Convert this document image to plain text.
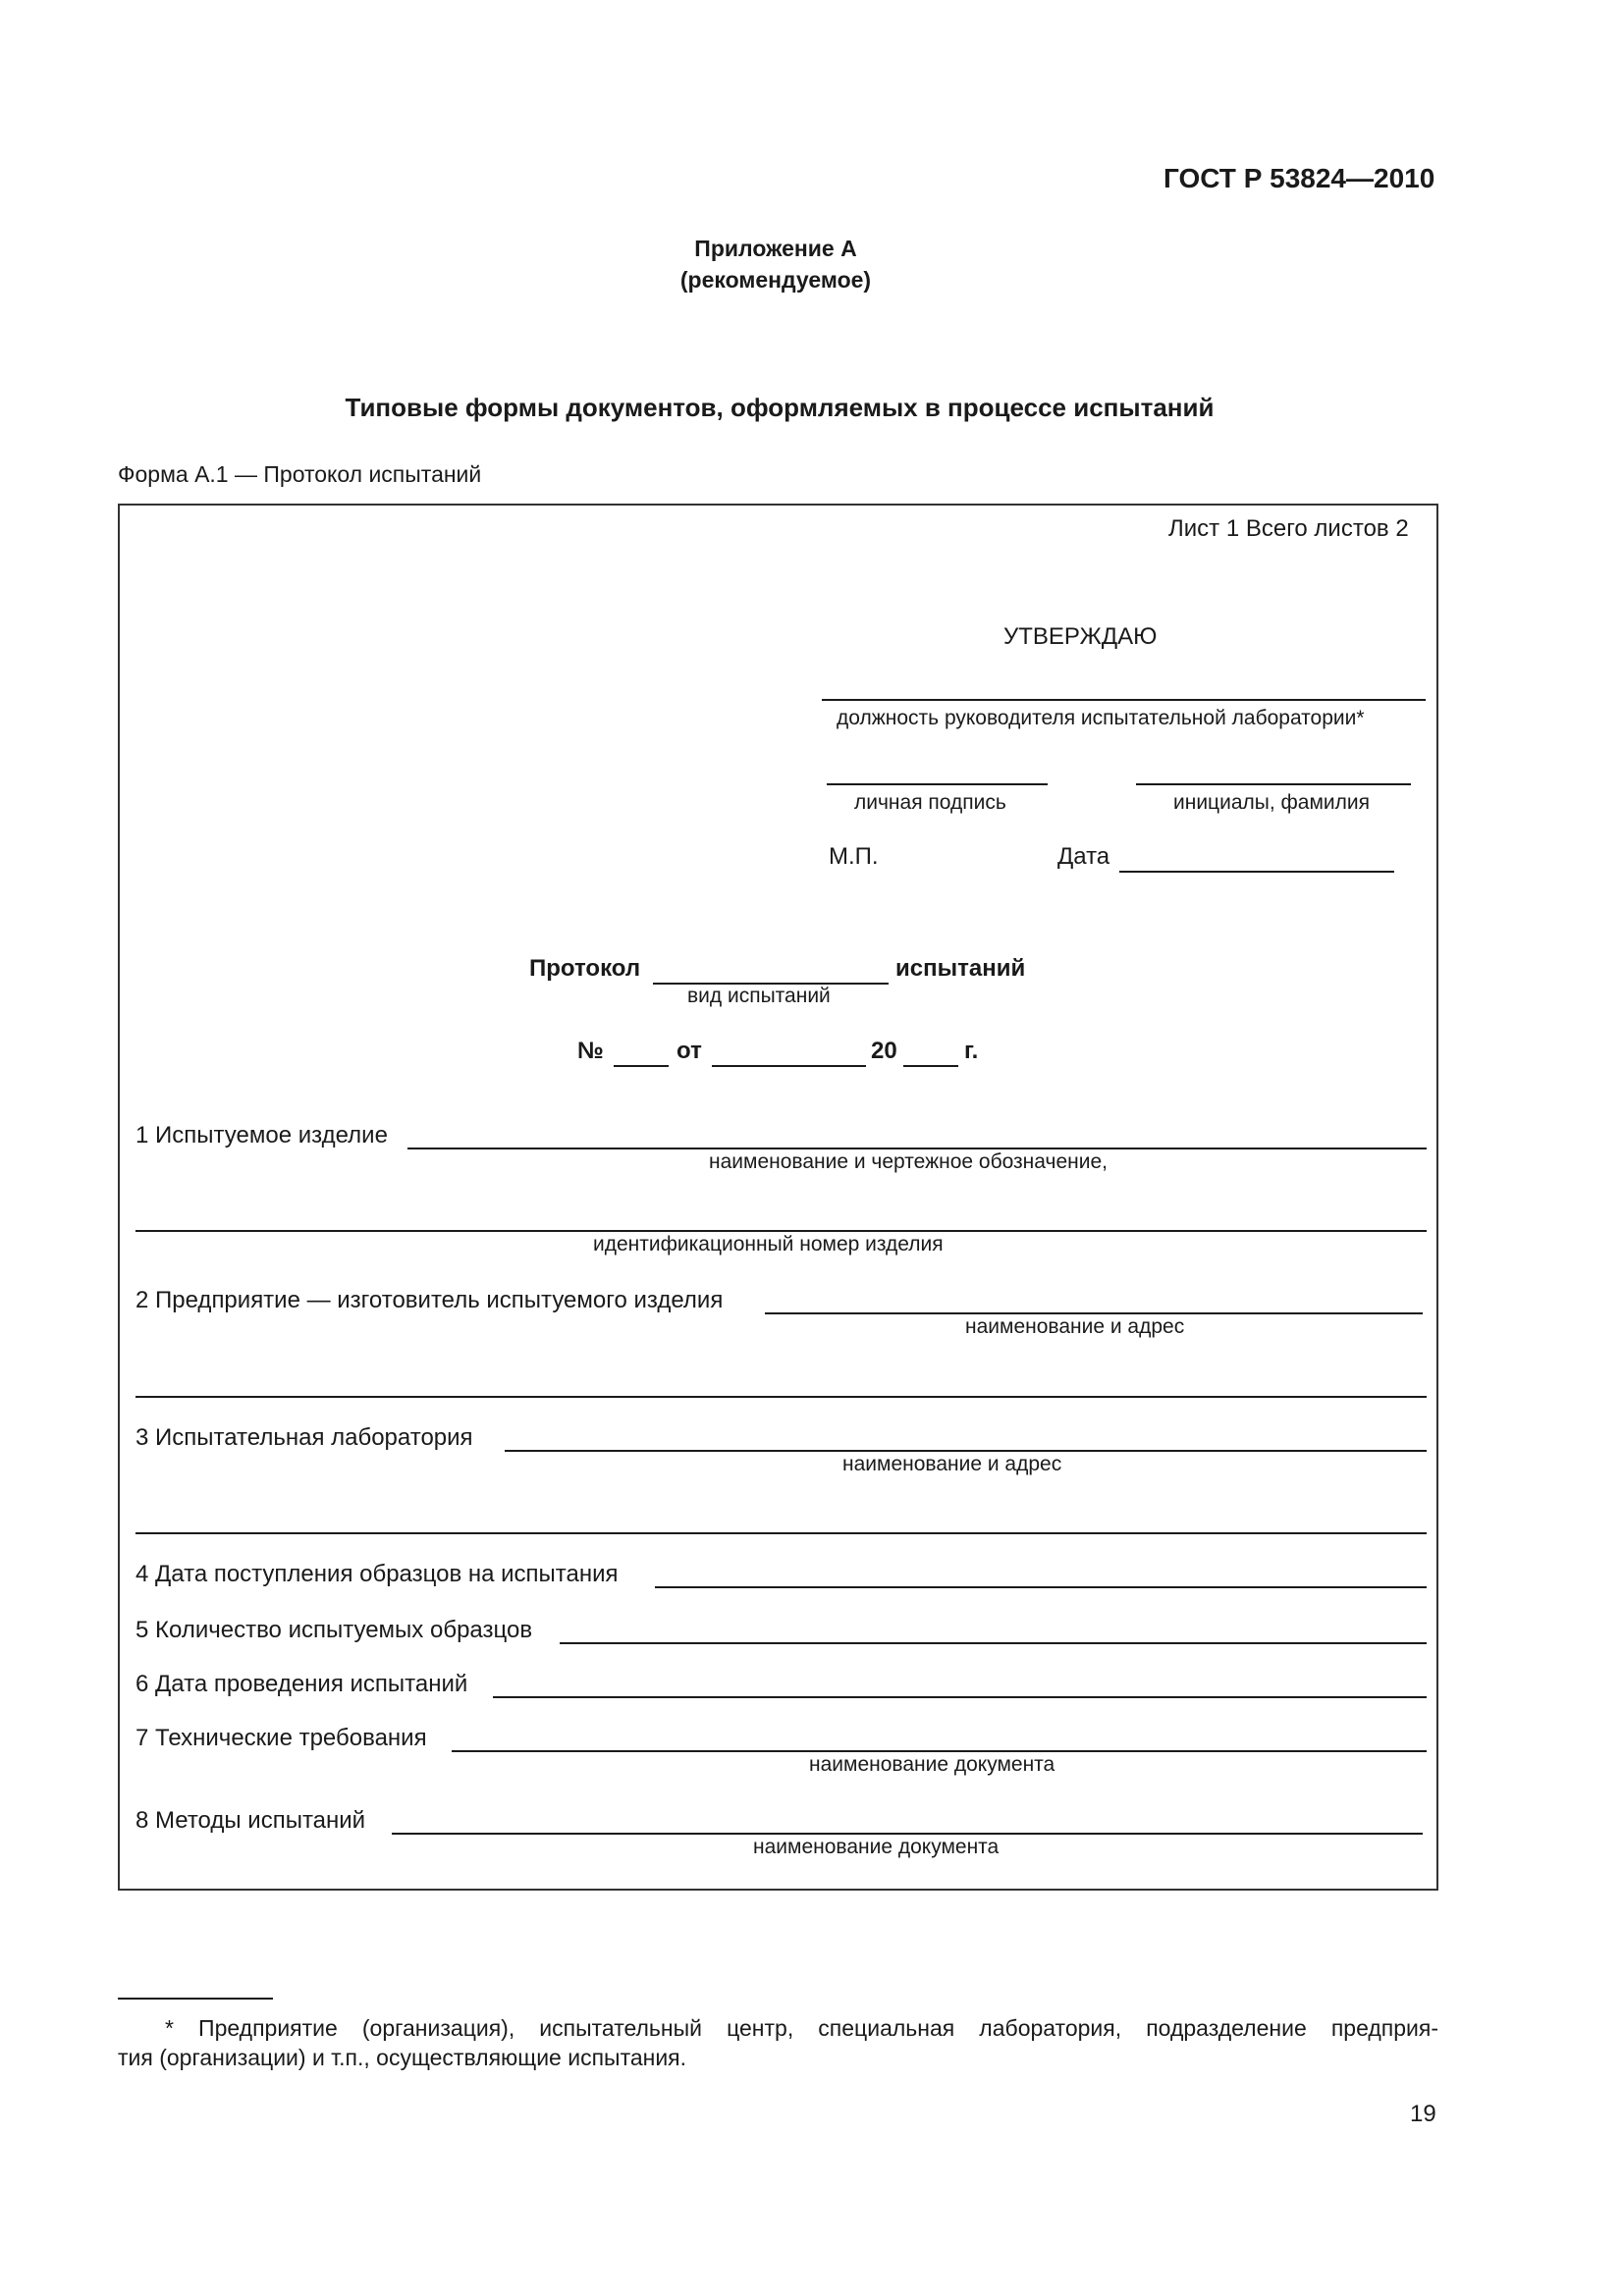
ГОСТ Р 53824—2010
Приложение А
(рекомендуемое)
Типовые формы документов, оформляемых в процессе испытаний
Форма А.1 — Протокол испытаний
Лист 1 Всего листов 2
УТВЕРЖДАЮ
должность руководителя испытательной лаборатории*
личная подпись	инициалы, фамилия
М.П.	Дата
Протокол	испытаний
вид испытаний
№	от	20	г.
1 Испытуемое изделие
наименование и чертежное обозначение,
идентификационный номер изделия
2 Предприятие — изготовитель испытуемого изделия
наименование и адрес
3 Испытательная лаборатория
наименование и адрес
4 Дата поступления образцов на испытания
5 Количество испытуемых образцов
6 Дата проведения испытаний
7 Технические требования
наименование документа
8 Методы испытаний
наименование документа
* Предприятие (организация), испытательный центр, специальная лаборатория, подразделение предприя-
тия (организации) и т.п., осуществляющие испытания.
19
